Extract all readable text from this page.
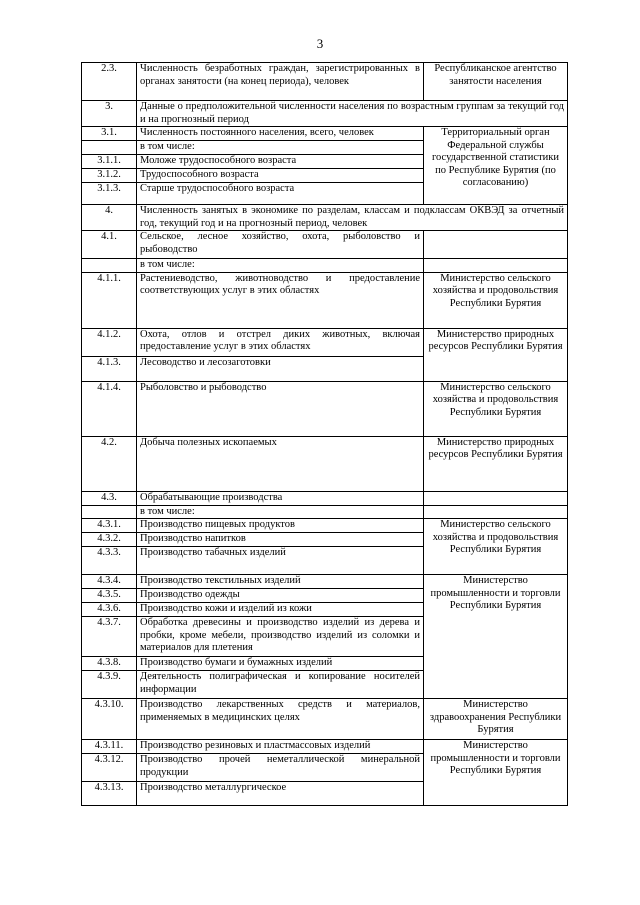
3
2.3.	Численность безработных граждан, зарегистрированных в органах занятости (на конец периода), человек	Республиканское агентство занятости населения
3.	Данные о предположительной численности населения по возрастным группам за текущий год и на прогнозный период	
3.1.	Численность постоянного населения, всего, человек	Территориальный орган Федеральной службы государственной статистики по Республике Бурятия (по согласованию)
	в том числе:	
3.1.1.	Моложе трудоспособного возраста	
3.1.2.	Трудоспособного возраста	
3.1.3.	Старше трудоспособного возраста	
4.	Численность занятых в экономике по разделам, классам и подклассам ОКВЭД за отчетный год, текущий год и на прогнозный период, человек	
4.1.	Сельское, лесное хозяйство, охота, рыболовство и рыбоводство	
	в том числе:	
4.1.1.	Растениеводство, животноводство и предоставление соответствующих услуг в этих областях	Министерство сельского хозяйства и продовольствия Республики Бурятия
4.1.2.	Охота, отлов и отстрел диких животных, включая предоставление услуг в этих областях	Министерство природных ресурсов Республики Бурятия
4.1.3.	Лесоводство и лесозаготовки	
4.1.4.	Рыболовство и рыбоводство	Министерство сельского хозяйства и продовольствия Республики Бурятия
4.2.	Добыча полезных ископаемых	Министерство природных ресурсов Республики Бурятия
4.3.	Обрабатывающие производства	
	в том числе:	
4.3.1.	Производство пищевых продуктов	Министерство сельского хозяйства и продовольствия Республики Бурятия
4.3.2.	Производство напитков	
4.3.3.	Производство табачных изделий	
4.3.4.	Производство текстильных изделий	Министерство промышленности и торговли Республики Бурятия
4.3.5.	Производство одежды	
4.3.6.	Производство кожи и изделий из кожи	
4.3.7.	Обработка древесины и производство изделий из дерева и пробки, кроме мебели, производство изделий из соломки и материалов для плетения	
4.3.8.	Производство бумаги и бумажных изделий	
4.3.9.	Деятельность полиграфическая и копирование носителей информации	
4.3.10.	Производство лекарственных средств и материалов, применяемых в медицинских целях	Министерство здравоохранения Республики Бурятия
4.3.11.	Производство резиновых и пластмассовых изделий	Министерство промышленности и торговли Республики Бурятия
4.3.12.	Производство прочей неметаллической минеральной продукции	
4.3.13.	Производство металлургическое	
